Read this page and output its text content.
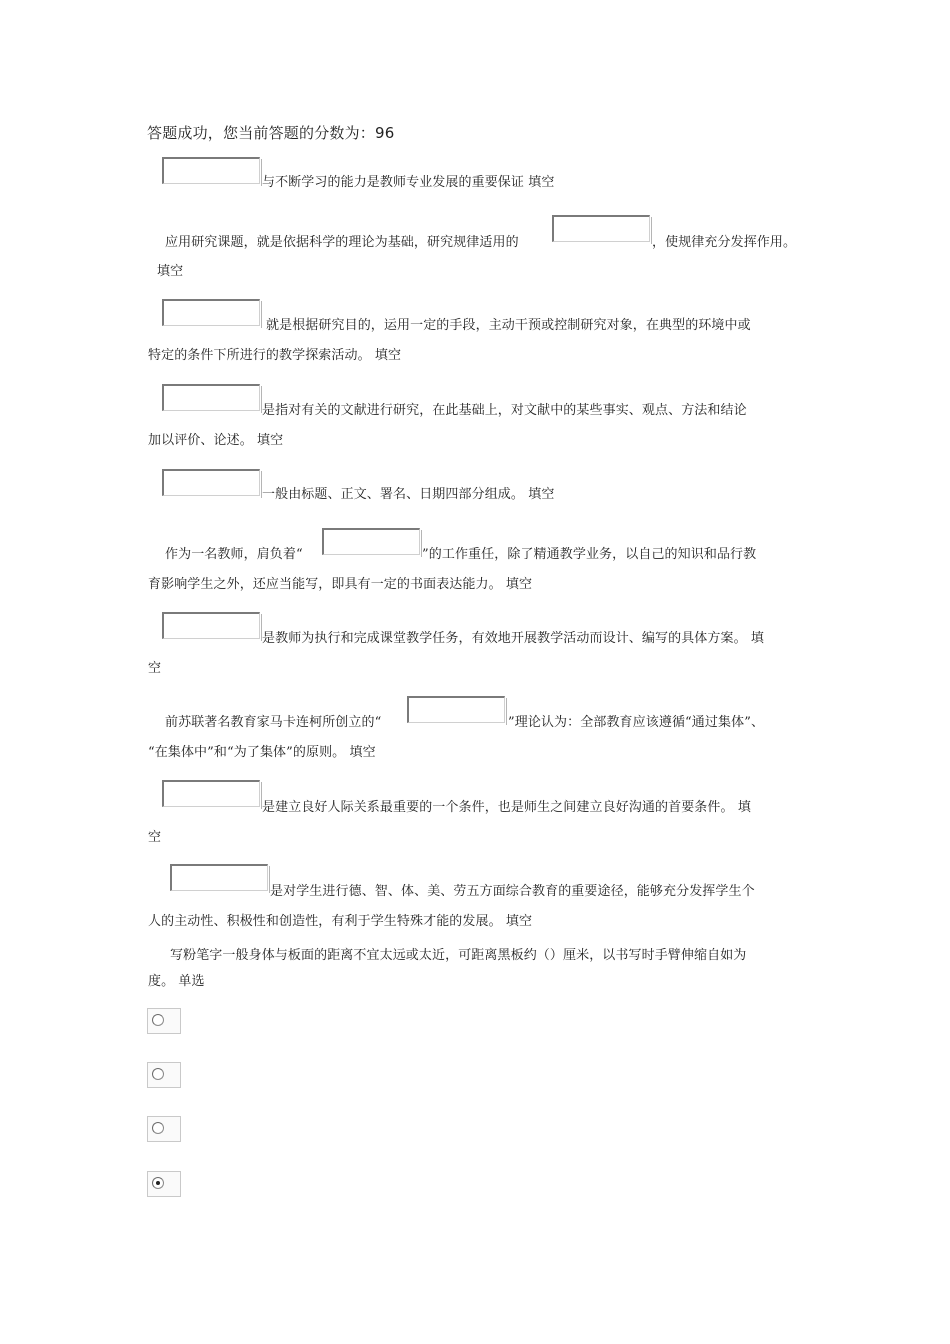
答题成功，您当前答题的分数为：96
与不断学习的能力是教师专业发展的重要保证 填空
应用研究课题，就是依据科学的理论为基础，研究规律适用的	，使规律充分发挥作用。
填空
就是根据研究目的，运用一定的手段，主动干预或控制研究对象，在典型的环境中或
特定的条件下所进行的教学探索活动。 填空
是指对有关的文献进行研究，在此基础上，对文献中的某些事实、观点、方法和结论
加以评价、论述。 填空
一般由标题、正文、署名、日期四部分组成。 填空
作为一名教师，肩负着“	”的工作重任，除了精通教学业务，以自己的知识和品行教
育影响学生之外，还应当能写，即具有一定的书面表达能力。 填空
是教师为执行和完成课堂教学任务，有效地开展教学活动而设计、编写的具体方案。 填
空
前苏联著名教育家马卡连柯所创立的“	”理论认为：全部教育应该遵循“通过集体”、
“在集体中”和“为了集体”的原则。 填空
是建立良好人际关系最重要的一个条件，也是师生之间建立良好沟通的首要条件。 填
空
是对学生进行德、智、体、美、劳五方面综合教育的重要途径，能够充分发挥学生个
人的主动性、积极性和创造性，有利于学生特殊才能的发展。 填空
写粉笔字一般身体与板面的距离不宜太远或太近，可距离黑板约（）厘米，以书写时手臂伸缩自如为
度。 单选
